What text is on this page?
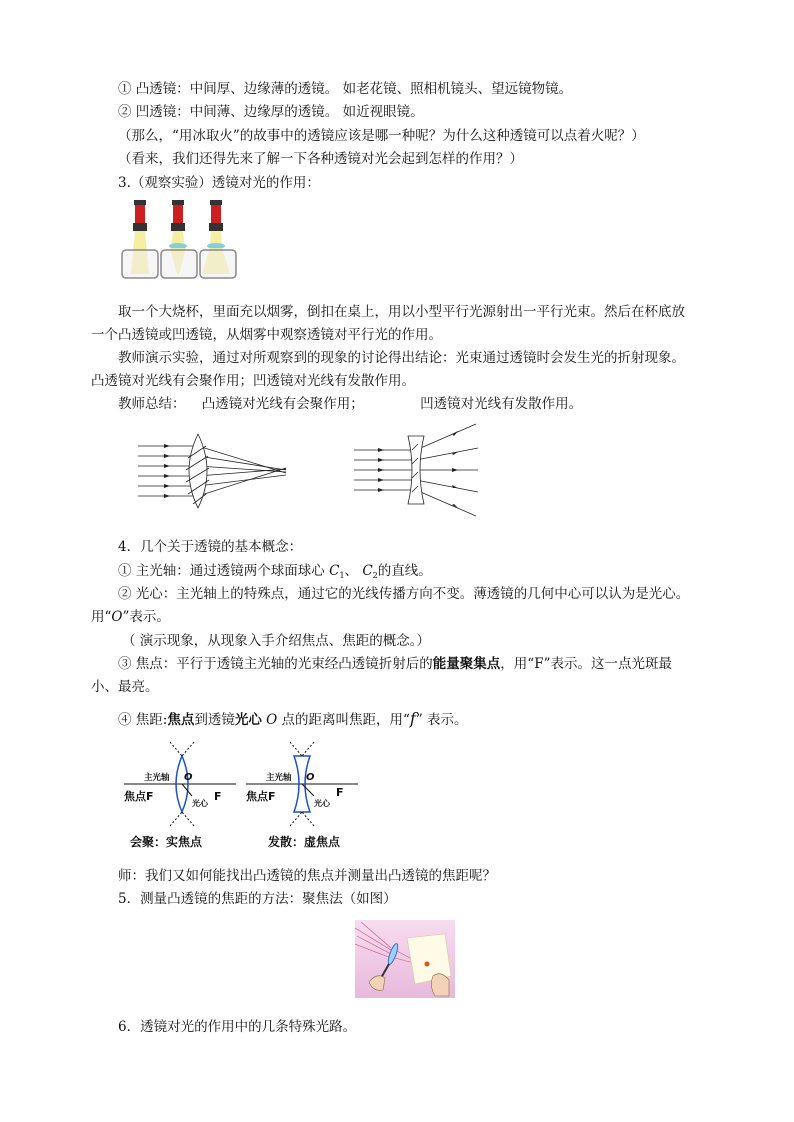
① 凸透镜：中间厚、边缘薄的透镜。 如老花镜、照相机镜头、望远镜物镜。
② 凹透镜：中间薄、边缘厚的透镜。 如近视眼镜。
（那么，“用冰取火”的故事中的透镜应该是哪一种呢？为什么这种透镜可以点着火呢？）
（看来，我们还得先来了解一下各种透镜对光会起到怎样的作用？）
3.（观察实验）透镜对光的作用：
取一个大烧杯，里面充以烟雾，倒扣在桌上，用以小型平行光源射出一平行光束。然后在杯底放
一个凸透镜或凹透镜，从烟雾中观察透镜对平行光的作用。
教师演示实验，通过对所观察到的现象的讨论得出结论：光束通过透镜时会发生光的折射现象。
凸透镜对光线有会聚作用；凹透镜对光线有发散作用。
教师总结： 凸透镜对光线有会聚作用；	凹透镜对光线有发散作用。
4．几个关于透镜的基本概念：
① 主光轴：通过透镜两个球面球心 $C_1$、 $C_2$的直线。
② 光心：主光轴上的特殊点，通过它的光线传播方向不变。薄透镜的几何中心可以认为是光心。
用“O”表示。
（ 演示现象，从现象入手介绍焦点、焦距的概念。）
③ 焦点：平行于透镜主光轴的光束经凸透镜折射后的能量聚集点，用“F”表示。这一点光斑最
小、最亮。
④ 焦距:焦点到透镜光心 O 点的距离叫焦距，用“f” 表示。
主光轴 O
焦点F	F
光心
会聚：实焦点
主光轴 O
焦点F	F
光心
发散：虚焦点
师：我们又如何能找出凸透镜的焦点并测量出凸透镜的焦距呢？
5．测量凸透镜的焦距的方法：聚焦法（如图）
6．透镜对光的作用中的几条特殊光路。
